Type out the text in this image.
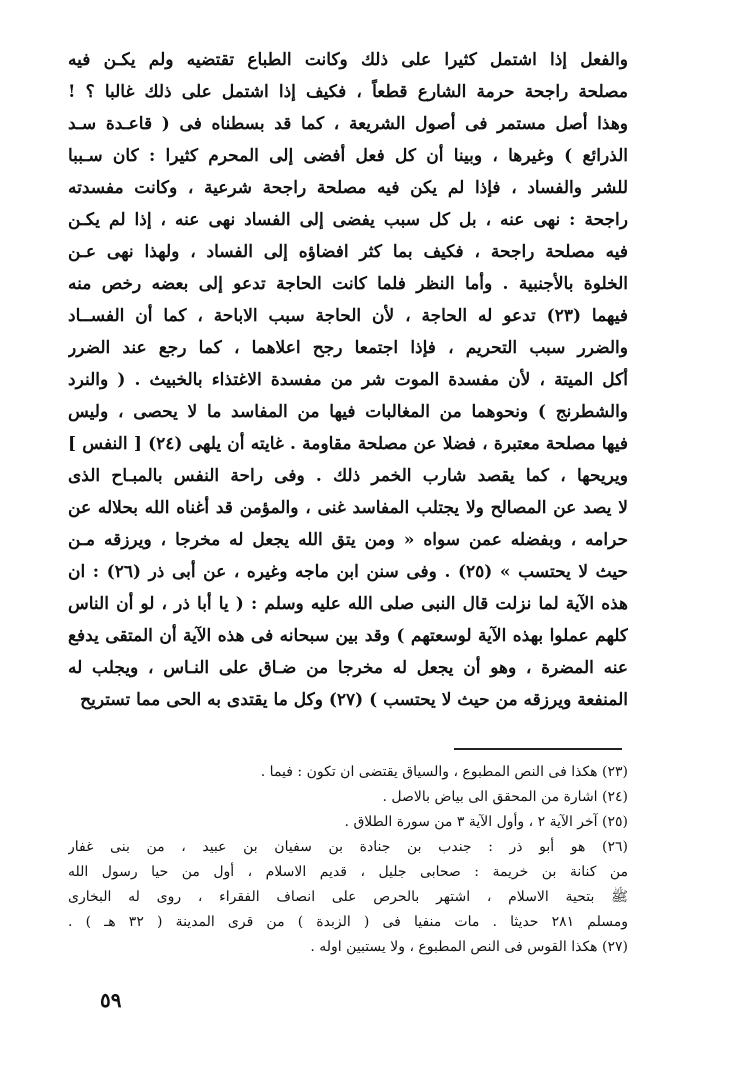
والفعل إذا اشتمل كثيرا على ذلك وكانت الطباع تقتضيه ولم يكـن فيه
مصلحة راجحة حرمة الشارع قطعاً ، فكيف إذا اشتمل على ذلك غالبا ؟ !
وهذا أصل مستمر فى أصول الشريعة ، كما قد بسطناه فى ( قاعـدة سـد
الذرائع ) وغيرها ، وبينا أن كل فعل أفضى إلى المحرم كثيرا : كان سـببا
للشر والفساد ، فإذا لم يكن فيه مصلحة راجحة شرعية ، وكانت مفسدته
راجحة : نهى عنه ، بل كل سبب يفضى إلى الفساد نهى عنه ، إذا لم يكـن
فيه مصلحة راجحة ، فكيف بما كثر افضاؤه إلى الفساد ، ولهذا نهى عـن
الخلوة بالأجنبية . وأما النظر فلما كانت الحاجة تدعو إلى بعضه رخص منه
فيهما (٢٣) تدعو له الحاجة ، لأن الحاجة سبب الاباحة ، كما أن الفســاد
والضرر سبب التحريم ، فإذا اجتمعا رجح اعلاهما ، كما رجع عند الضرر
أكل الميتة ، لأن مفسدة الموت شر من مفسدة الاغتذاء بالخبيث . ( والنرد
والشطرنج ) ونحوهما من المغالبات فيها من المفاسد ما لا يحصى ، وليس
فيها مصلحة معتبرة ، فضلا عن مصلحة مقاومة . غايته أن يلهى (٢٤) [ النفس ]
ويريحها ، كما يقصد شارب الخمر ذلك . وفى راحة النفس بالمبـاح الذى
لا يصد عن المصالح ولا يجتلب المفاسد غنى ، والمؤمن قد أغناه الله بحلاله عن
حرامه ، وبفضله عمن سواه « ومن يتق الله يجعل له مخرجا ، ويرزقه مـن
حيث لا يحتسب » (٢٥) . وفى سنن ابن ماجه وغيره ، عن أبى ذر (٢٦) : ان
هذه الآية لما نزلت قال النبى صلى الله عليه وسلم : ( يا أبا ذر ، لو أن الناس
كلهم عملوا بهذه الآية لوسعتهم ) وقد بين سبحانه فى هذه الآية أن المتقى يدفع
عنه المضرة ، وهو أن يجعل له مخرجا من ضـاق على النـاس ، ويجلب له
المنفعة ويرزقه من حيث لا يحتسب ) (٢٧) وكل ما يقتدى به الحى مما تستريح
(٢٣) هكذا فى النص المطبوع ، والسياق يقتضى ان تكون : فيما .
(٢٤) اشارة من المحقق الى بياض بالاصل .
(٢٥) آخر الآية ٢ ، وأول الآية ٣ من سورة الطلاق .
(٢٦) هو أبو ذر : جندب بن جنادة بن سفيان بن عبيد ، من بنى غفار
من كنانة بن خريمة : صحابى جليل ، قديم الاسلام ، أول من حيا رسول الله
ﷺ بتحية الاسلام ، اشتهر بالحرص على انصاف الفقراء ، روى له البخارى
ومسلم ٢٨١ حديثا . مات منفيا فى ( الزبدة ) من قرى المدينة ( ٣٢ هـ ) .
(٢٧) هكذا القوس فى النص المطبوع ، ولا يستبين اوله .
٥٩
